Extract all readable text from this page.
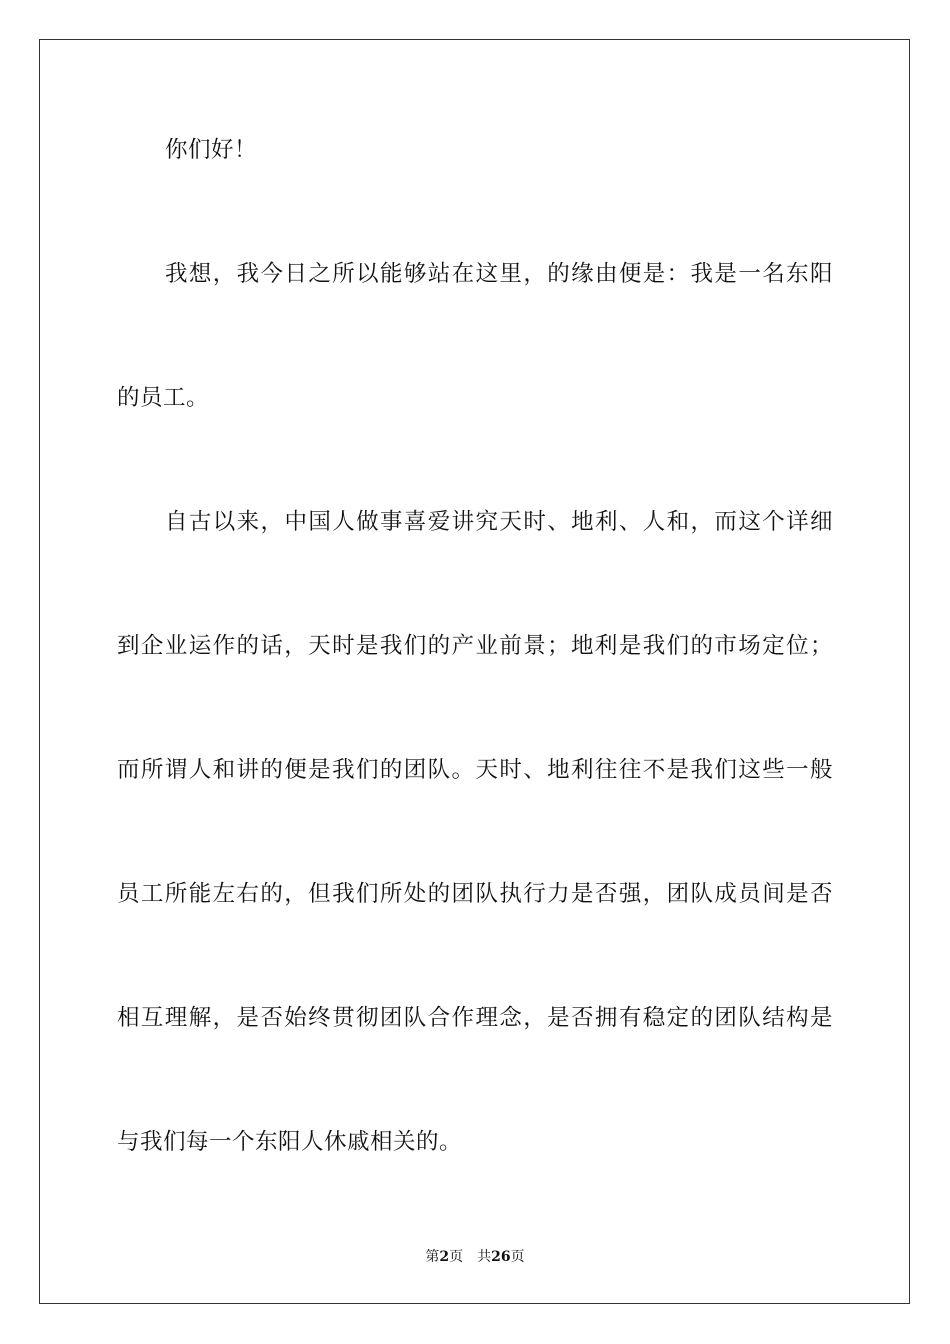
你们好！
我想，我今日之所以能够站在这里，的缘由便是：我是一名东阳
的员工。
自古以来，中国人做事喜爱讲究天时、地利、人和，而这个详细
到企业运作的话，天时是我们的产业前景；地利是我们的市场定位；
而所谓人和讲的便是我们的团队。天时、地利往往不是我们这些一般
员工所能左右的，但我们所处的团队执行力是否强，团队成员间是否
相互理解，是否始终贯彻团队合作理念，是否拥有稳定的团队结构是
与我们每一个东阳人休戚相关的。
第2页 共26页
